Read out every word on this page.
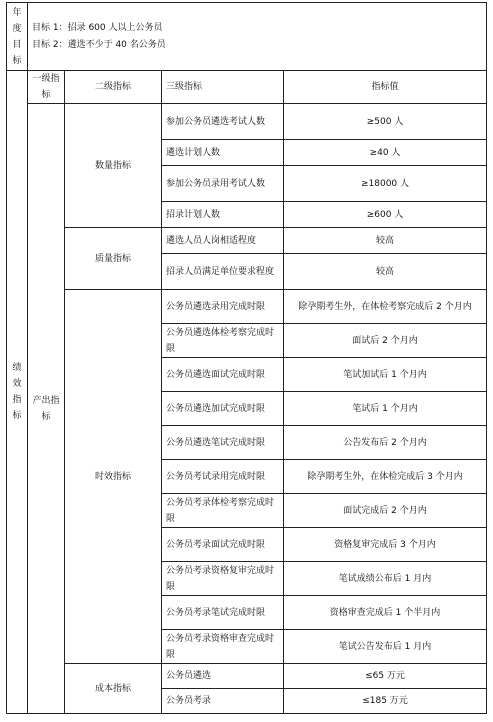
年度目标	目标 1：招录 600 人以上公务员
目标 2：遴选不少于 40 名公务员			

绩效指标	一级指标	二级指标	三级指标	指标值
	产出指标	数量指标	参加公务员遴选考试人数	≥500 人
			遴选计划人数	≥40 人
			参加公务员录用考试人数	≥18000 人
			招录计划人数	≥600 人
		质量指标	遴选人员人岗相适程度	较高
			招录人员满足单位要求程度	较高
		时效指标	公务员遴选录用完成时限	除孕期考生外，在体检考察完成后 2 个月内
			公务员遴选体检考察完成时限	面试后 2 个月内
			公务员遴选面试完成时限	笔试加试后 1 个月内
			公务员遴选加试完成时限	笔试后 1 个月内
			公务员遴选笔试完成时限	公告发布后 2 个月内
			公务员考试录用完成时限	除孕期考生外，在体检完成后 3 个月内
			公务员考录体检考察完成时限	面试完成后 2 个月内
			公务员考录面试完成时限	资格复审完成后 3 个月内
			公务员考录资格复审完成时限	笔试成绩公布后 1 月内
			公务员考录笔试完成时限	资格审查完成后 1 个半月内
			公务员考录资格审查完成时限	笔试公告发布后 1 月内
		成本指标	公务员遴选	≤65 万元
			公务员考录	≤185 万元
